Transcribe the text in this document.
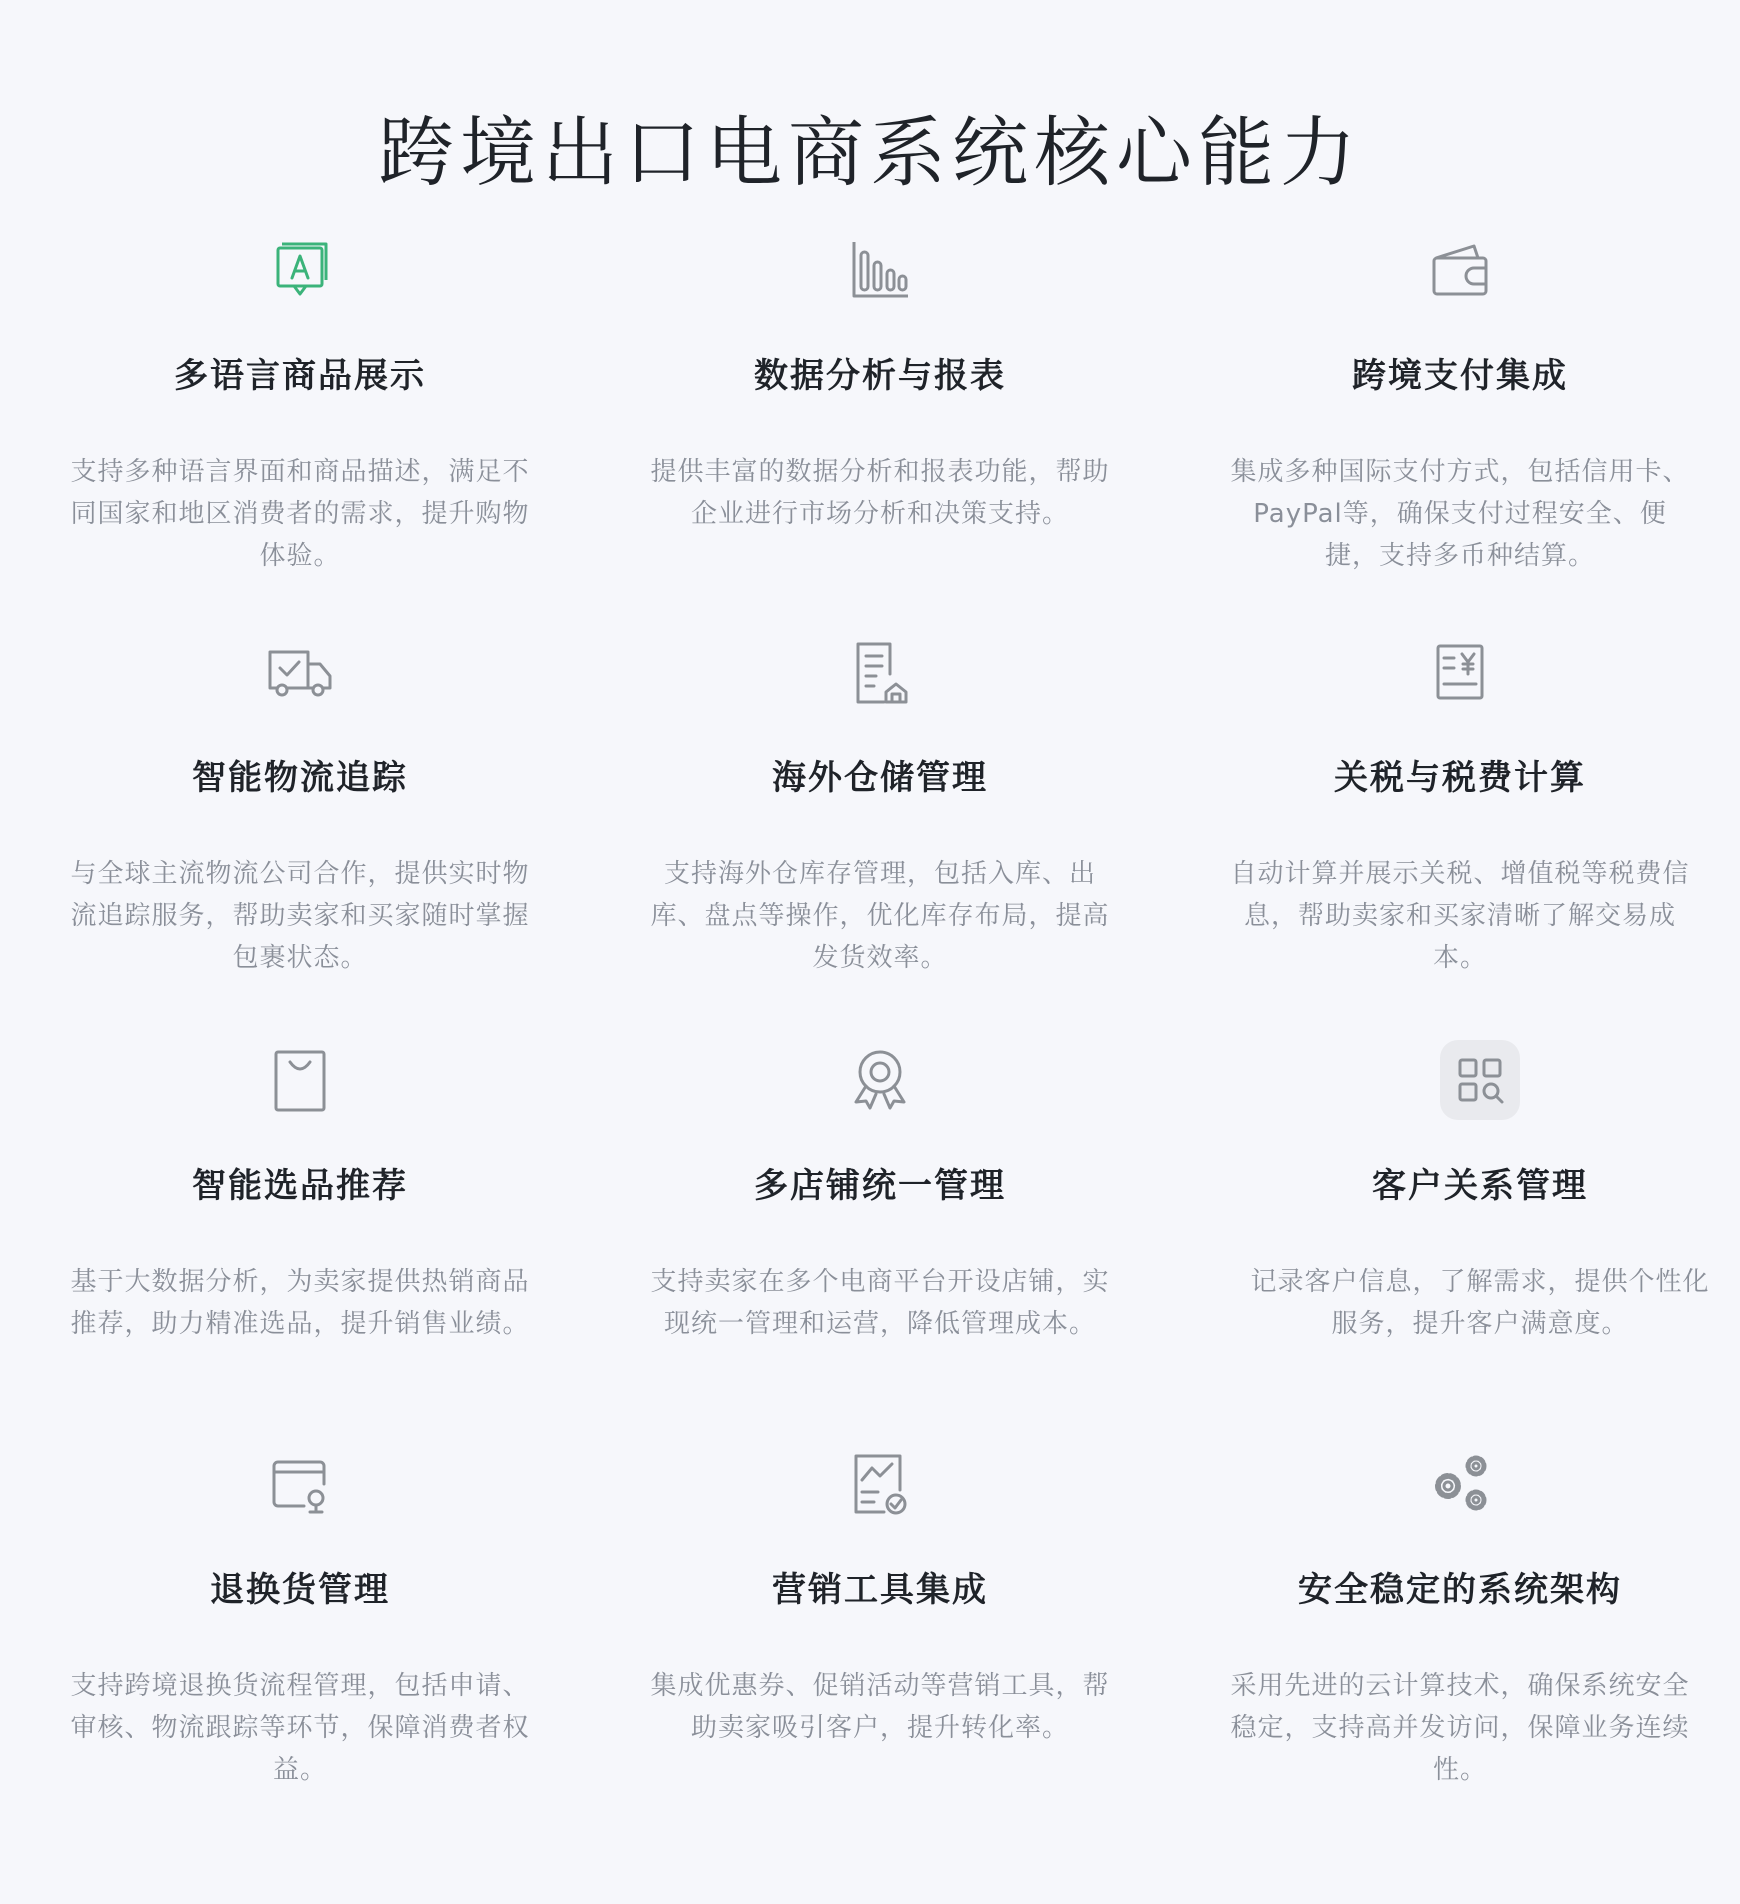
跨境出口电商系统核心能力
多语言商品展示
支持多种语言界面和商品描述，满足不同国家和地区消费者的需求，提升购物体验。
数据分析与报表
提供丰富的数据分析和报表功能，帮助企业进行市场分析和决策支持。
跨境支付集成
集成多种国际支付方式，包括信用卡、PayPal等，确保支付过程安全、便捷，支持多币种结算。
智能物流追踪
与全球主流物流公司合作，提供实时物流追踪服务，帮助卖家和买家随时掌握包裹状态。
海外仓储管理
支持海外仓库存管理，包括入库、出库、盘点等操作，优化库存布局，提高发货效率。
关税与税费计算
自动计算并展示关税、增值税等税费信息，帮助卖家和买家清晰了解交易成本。
智能选品推荐
基于大数据分析，为卖家提供热销商品推荐，助力精准选品，提升销售业绩。
多店铺统一管理
支持卖家在多个电商平台开设店铺，实现统一管理和运营，降低管理成本。
客户关系管理
记录客户信息，了解需求，提供个性化服务，提升客户满意度。
退换货管理
支持跨境退换货流程管理，包括申请、审核、物流跟踪等环节，保障消费者权益。
营销工具集成
集成优惠券、促销活动等营销工具，帮助卖家吸引客户，提升转化率。
安全稳定的系统架构
采用先进的云计算技术，确保系统安全稳定，支持高并发访问，保障业务连续性。
